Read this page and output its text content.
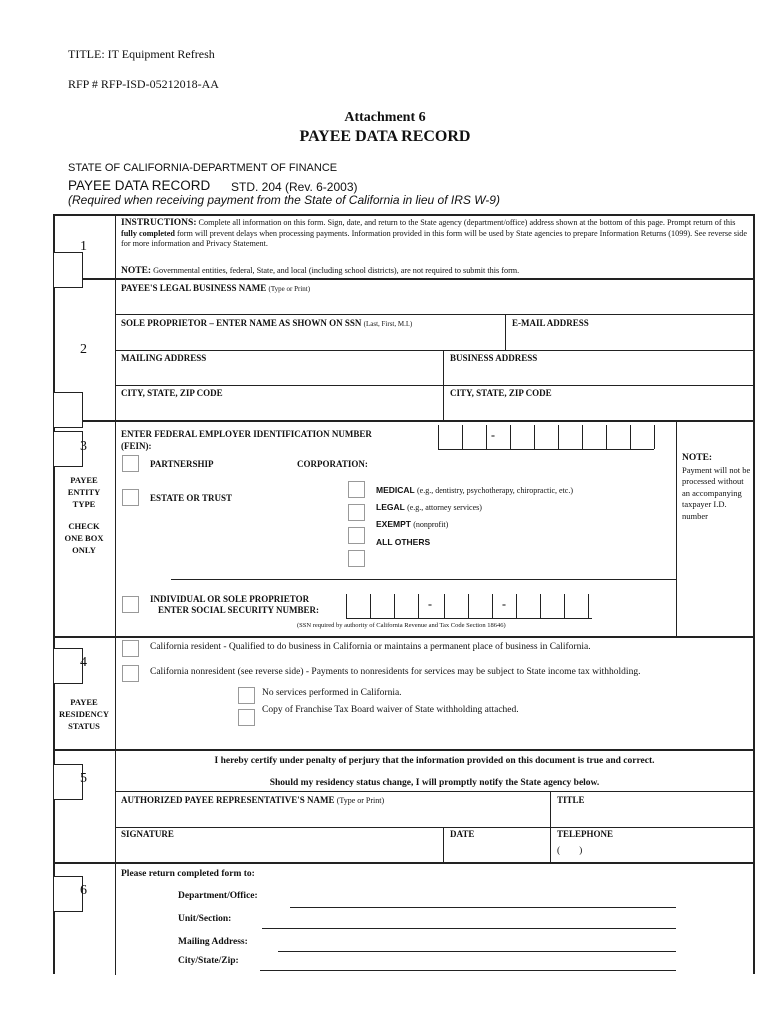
TITLE: IT Equipment Refresh
RFP # RFP-ISD-05212018-AA
Attachment 6
PAYEE DATA RECORD
STATE OF CALIFORNIA-DEPARTMENT OF FINANCE
PAYEE DATA RECORD STD. 204 (Rev. 6-2003)
(Required when receiving payment from the State of California in lieu of IRS W-9)
1
2
3
4
5
6
INSTRUCTIONS: Complete all information on this form. Sign, date, and return to the State agency (department/office) address shown at the bottom of this page. Prompt return of this fully completed form will prevent delays when processing payments. Information provided in this form will be used by State agencies to prepare Information Returns (1099). See reverse side for more information and Privacy Statement.
NOTE: Governmental entities, federal, State, and local (including school districts), are not required to submit this form.
PAYEE'S LEGAL BUSINESS NAME (Type or Print)
SOLE PROPRIETOR – ENTER NAME AS SHOWN ON SSN (Last, First, M.I.)	E-MAIL ADDRESS
MAILING ADDRESS	BUSINESS ADDRESS
CITY, STATE, ZIP CODE	CITY, STATE, ZIP CODE
PAYEE
ENTITY
TYPE
CHECK
ONE BOX
ONLY
NOTE:
Payment will not be processed without an accompanying taxpayer I.D. number
ENTER FEDERAL EMPLOYER IDENTIFICATION NUMBER
(FEIN):
-
PARTNERSHIP	CORPORATION:
ESTATE OR TRUST
MEDICAL (e.g., dentistry, psychotherapy, chiropractic, etc.)
LEGAL (e.g., attorney services)
EXEMPT (nonprofit)
ALL OTHERS
INDIVIDUAL OR SOLE PROPRIETOR
ENTER SOCIAL SECURITY NUMBER:	-	-
(SSN required by authority of California Revenue and Tax Code Section 18646)
PAYEE
RESIDENCY
STATUS
California resident - Qualified to do business in California or maintains a permanent place of business in California.
California nonresident (see reverse side) - Payments to nonresidents for services may be subject to State income tax withholding.
No services performed in California.
Copy of Franchise Tax Board waiver of State withholding attached.
I hereby certify under penalty of perjury that the information provided on this document is true and correct.
Should my residency status change, I will promptly notify the State agency below.
AUTHORIZED PAYEE REPRESENTATIVE'S NAME (Type or Print)	TITLE
SIGNATURE	DATE	TELEPHONE
(        )
Please return completed form to:
Department/Office:
Unit/Section:
Mailing Address:
City/State/Zip:
